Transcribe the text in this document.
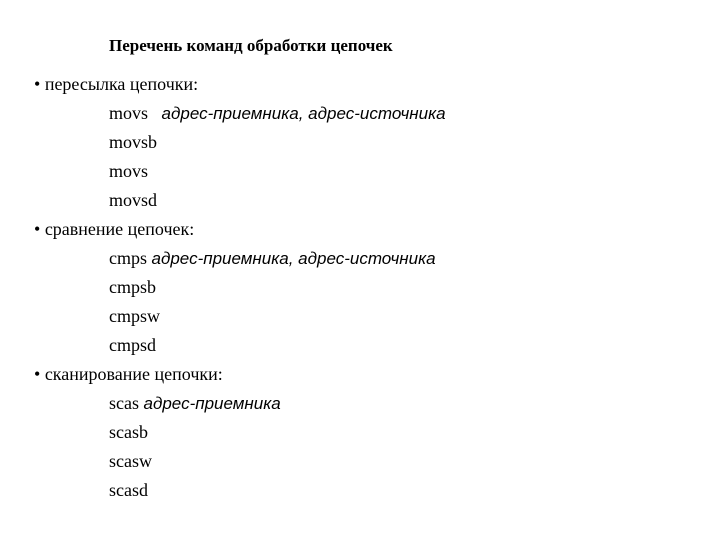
Перечень команд обработки цепочек
• пересылка цепочки:
movs адрес-приемника, адрес-источника
movsb
movs
movsd
• сравнение цепочек:
cmps адрес-приемника, адрес-источника
cmpsb
cmpsw
cmpsd
• сканирование цепочки:
scas адрес-приемника
scasb
scasw
scasd
